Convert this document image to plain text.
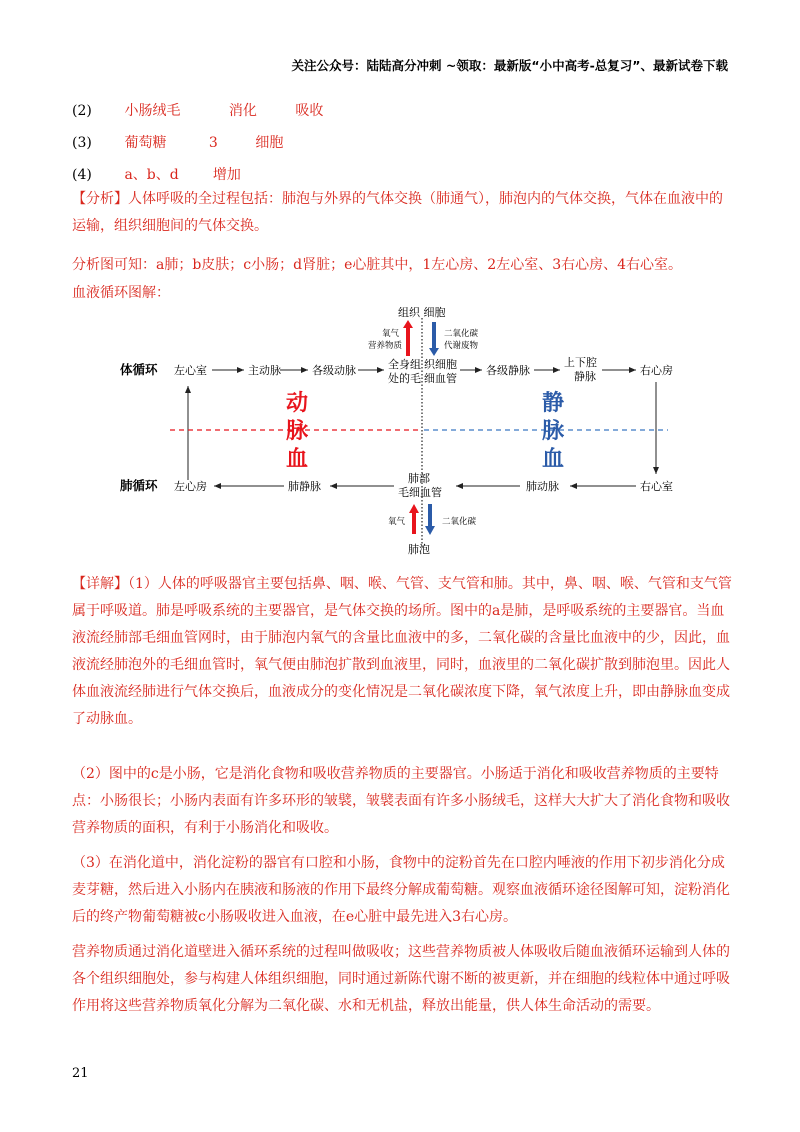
关注公众号：陆陆高分冲刺 ~领取：最新版“小中高考-总复习”、最新试卷下载
(2) 小肠绒毛	消化	吸收
(3) 葡萄糖	3	细胞
(4) a、b、d 增加

【分析】人体呼吸的全过程包括：肺泡与外界的气体交换（肺通气），肺泡内的气体交换，气体在血液中的运输，组织细胞间的气体交换。

分析图可知：a肺；b皮肤；c小肠；d肾脏；e心脏其中，1左心房、2左心室、3右心房、4右心室。
血液循环图解：
体循环
肺循环
左心室	主动脉	各级动脉	全身组
处的毛
织细胞
细血管
各级静脉
上下腔
静脉	右心房
组织 细胞
氧气
营养物质
二氧化碳
代谢废物
动
脉
血
静
脉
血
左心房	肺静脉
肺部
毛细血管	肺动脉	右心室
氧气	二氧化碳
肺泡

【详解】（1）人体的呼吸器官主要包括鼻、咽、喉、气管、支气管和肺。其中，鼻、咽、喉、气管和支气管属于呼吸道。肺是呼吸系统的主要器官，是气体交换的场所。图中的a是肺，是呼吸系统的主要器官。当血液流经肺部毛细血管网时，由于肺泡内氧气的含量比血液中的多，二氧化碳的含量比血液中的少，因此，血液流经肺泡外的毛细血管时，氧气便由肺泡扩散到血液里，同时，血液里的二氧化碳扩散到肺泡里。因此人体血液流经肺进行气体交换后，血液成分的变化情况是二氧化碳浓度下降，氧气浓度上升，即由静脉血变成了动脉血。

（2）图中的c是小肠，它是消化食物和吸收营养物质的主要器官。小肠适于消化和吸收营养物质的主要特点：小肠很长；小肠内表面有许多环形的皱襞，皱襞表面有许多小肠绒毛，这样大大扩大了消化食物和吸收营养物质的面积，有利于小肠消化和吸收。

（3）在消化道中，消化淀粉的器官有口腔和小肠，食物中的淀粉首先在口腔内唾液的作用下初步消化分成麦芽糖，然后进入小肠内在胰液和肠液的作用下最终分解成葡萄糖。观察血液循环途径图解可知，淀粉消化后的终产物葡萄糖被c小肠吸收进入血液，在e心脏中最先进入3右心房。

营养物质通过消化道壁进入循环系统的过程叫做吸收；这些营养物质被人体吸收后随血液循环运输到人体的各个组织细胞处，参与构建人体组织细胞，同时通过新陈代谢不断的被更新，并在细胞的线粒体中通过呼吸作用将这些营养物质氧化分解为二氧化碳、水和无机盐，释放出能量，供人体生命活动的需要。

21
